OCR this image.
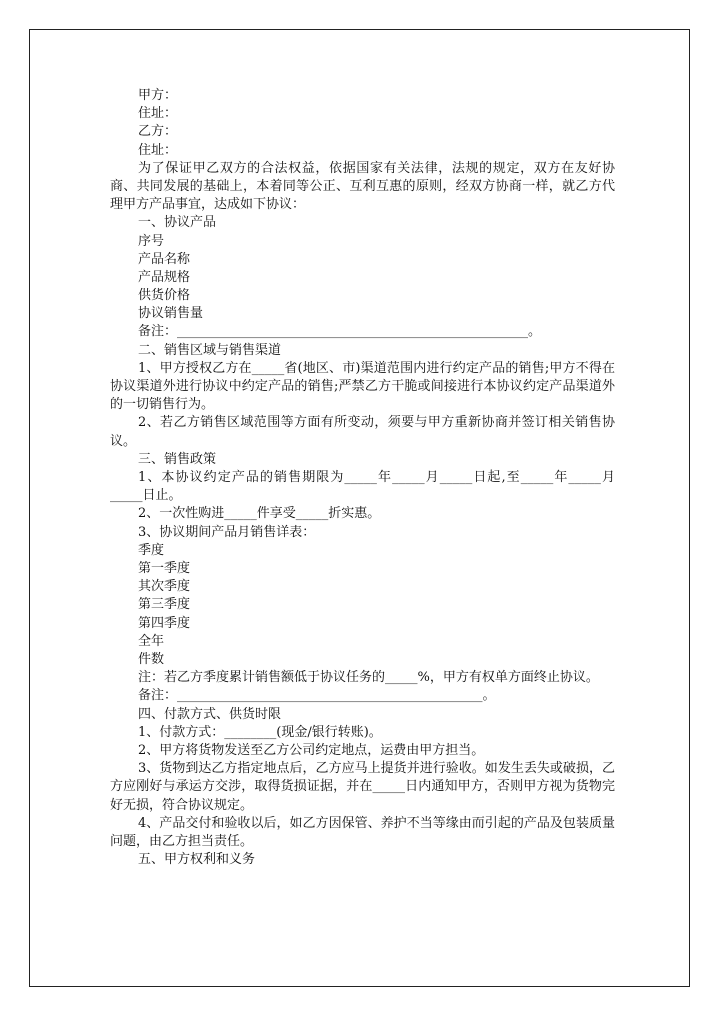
甲方：
住址：
乙方：
住址：
为了保证甲乙双方的合法权益，依据国家有关法律，法规的规定，双方在友好协商、共同发展的基础上，本着同等公正、互利互惠的原则，经双方协商一样，就乙方代理甲方产品事宜，达成如下协议：
一、协议产品
序号
产品名称
产品规格
供货价格
协议销售量
备注：______________________________________________________。
二、销售区域与销售渠道
1、甲方授权乙方在_____省(地区、市)渠道范围内进行约定产品的销售;甲方不得在协议渠道外进行协议中约定产品的销售;严禁乙方干脆或间接进行本协议约定产品渠道外的一切销售行为。
2、若乙方销售区域范围等方面有所变动，须要与甲方重新协商并签订相关销售协议。
三、销售政策
1、本协议约定产品的销售期限为_____年_____月_____日起,至_____年_____月_____日止。
2、一次性购进_____件享受_____折实惠。
3、协议期间产品月销售详表：
季度
第一季度
其次季度
第三季度
第四季度
全年
件数
注：若乙方季度累计销售额低于协议任务的_____%，甲方有权单方面终止协议。
备注：_______________________________________________。
四、付款方式、供货时限
1、付款方式：________(现金/银行转账)。
2、甲方将货物发送至乙方公司约定地点，运费由甲方担当。
3、货物到达乙方指定地点后，乙方应马上提货并进行验收。如发生丢失或破损，乙方应刚好与承运方交涉，取得货损证据，并在_____日内通知甲方，否则甲方视为货物完好无损，符合协议规定。
4、产品交付和验收以后，如乙方因保管、养护不当等缘由而引起的产品及包装质量问题，由乙方担当责任。
五、甲方权利和义务
